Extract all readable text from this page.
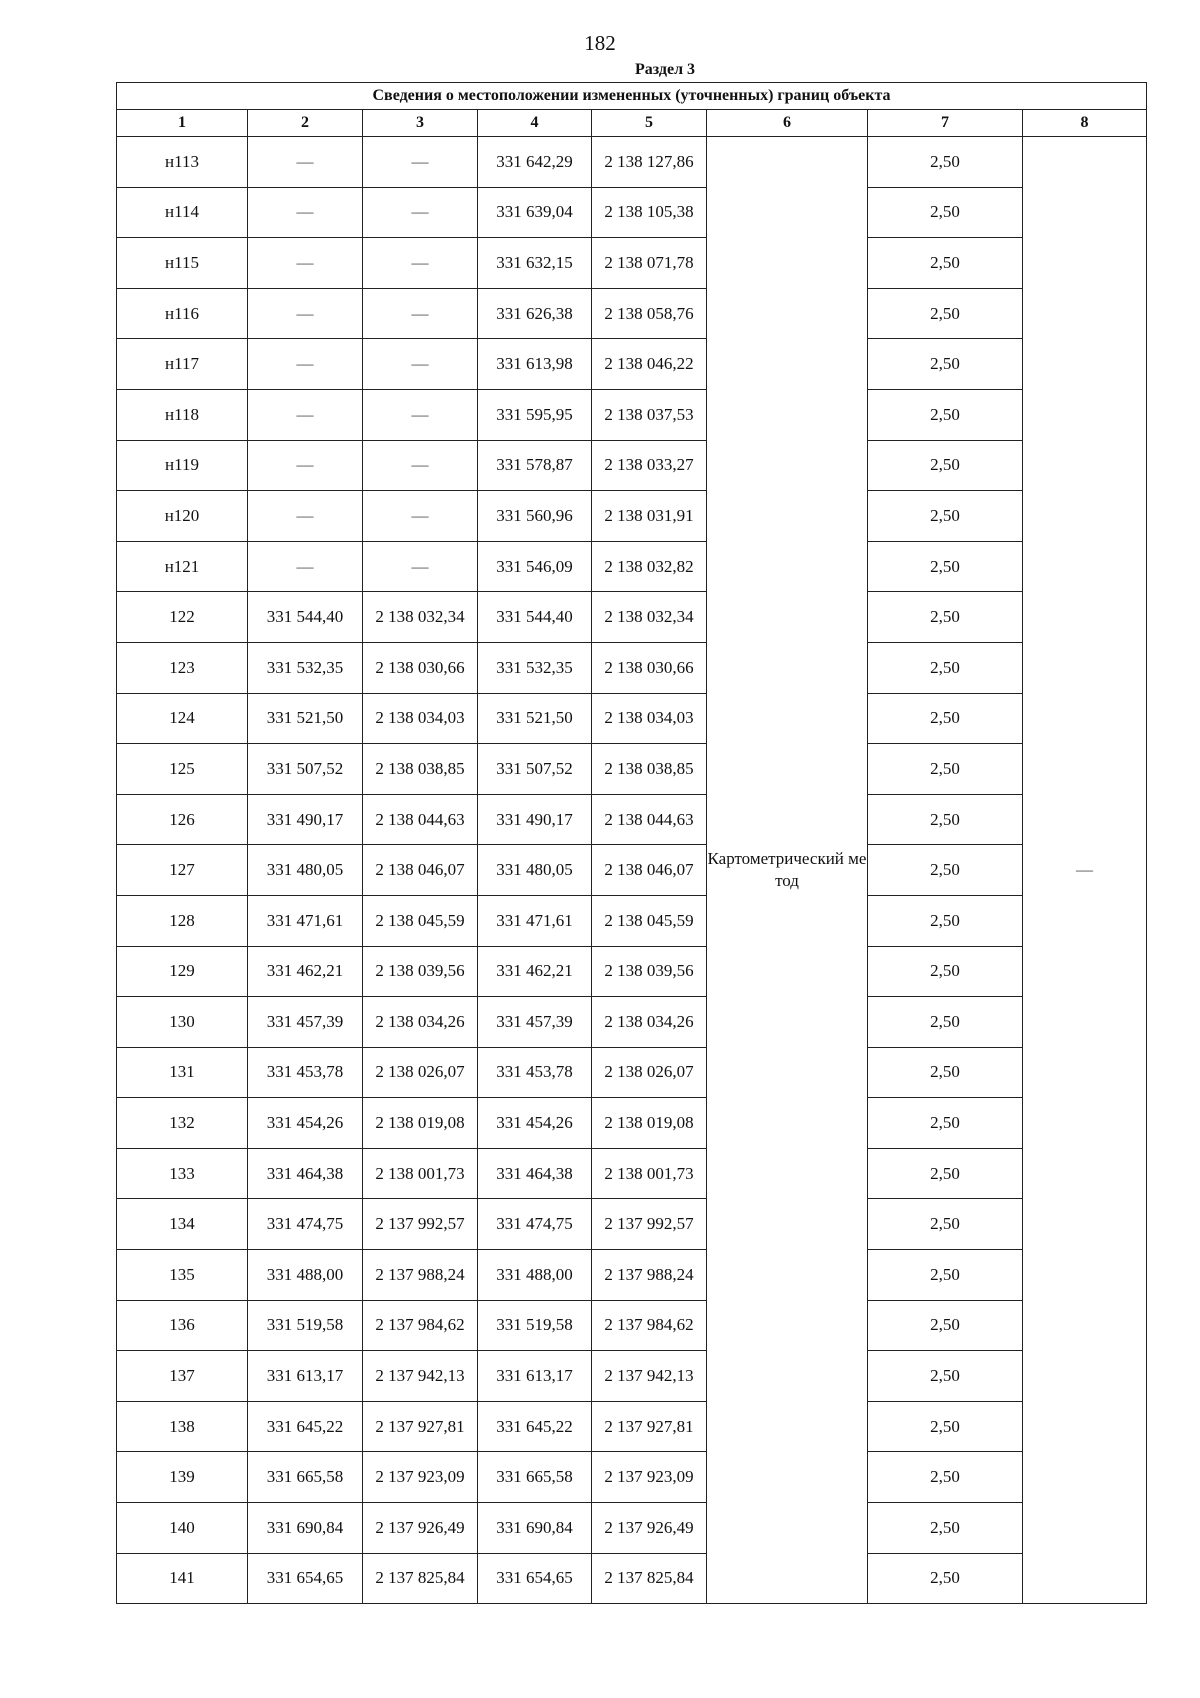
182
Раздел 3
Сведения о местоположении измененных (уточненных) границ объекта							
1	2	3	4	5	6	7	8
н113	—	—	331 642,29	2 138 127,86	Картометрический метод	2,50	—
н114	—	—	331 639,04	2 138 105,38		2,50	
н115	—	—	331 632,15	2 138 071,78		2,50	
н116	—	—	331 626,38	2 138 058,76		2,50	
н117	—	—	331 613,98	2 138 046,22		2,50	
н118	—	—	331 595,95	2 138 037,53		2,50	
н119	—	—	331 578,87	2 138 033,27		2,50	
н120	—	—	331 560,96	2 138 031,91		2,50	
н121	—	—	331 546,09	2 138 032,82		2,50	
122	331 544,40	2 138 032,34	331 544,40	2 138 032,34		2,50	
123	331 532,35	2 138 030,66	331 532,35	2 138 030,66		2,50	
124	331 521,50	2 138 034,03	331 521,50	2 138 034,03		2,50	
125	331 507,52	2 138 038,85	331 507,52	2 138 038,85		2,50	
126	331 490,17	2 138 044,63	331 490,17	2 138 044,63		2,50	
127	331 480,05	2 138 046,07	331 480,05	2 138 046,07		2,50	
128	331 471,61	2 138 045,59	331 471,61	2 138 045,59		2,50	
129	331 462,21	2 138 039,56	331 462,21	2 138 039,56		2,50	
130	331 457,39	2 138 034,26	331 457,39	2 138 034,26		2,50	
131	331 453,78	2 138 026,07	331 453,78	2 138 026,07		2,50	
132	331 454,26	2 138 019,08	331 454,26	2 138 019,08		2,50	
133	331 464,38	2 138 001,73	331 464,38	2 138 001,73		2,50	
134	331 474,75	2 137 992,57	331 474,75	2 137 992,57		2,50	
135	331 488,00	2 137 988,24	331 488,00	2 137 988,24		2,50	
136	331 519,58	2 137 984,62	331 519,58	2 137 984,62		2,50	
137	331 613,17	2 137 942,13	331 613,17	2 137 942,13		2,50	
138	331 645,22	2 137 927,81	331 645,22	2 137 927,81		2,50	
139	331 665,58	2 137 923,09	331 665,58	2 137 923,09		2,50	
140	331 690,84	2 137 926,49	331 690,84	2 137 926,49		2,50	
141	331 654,65	2 137 825,84	331 654,65	2 137 825,84		2,50	
